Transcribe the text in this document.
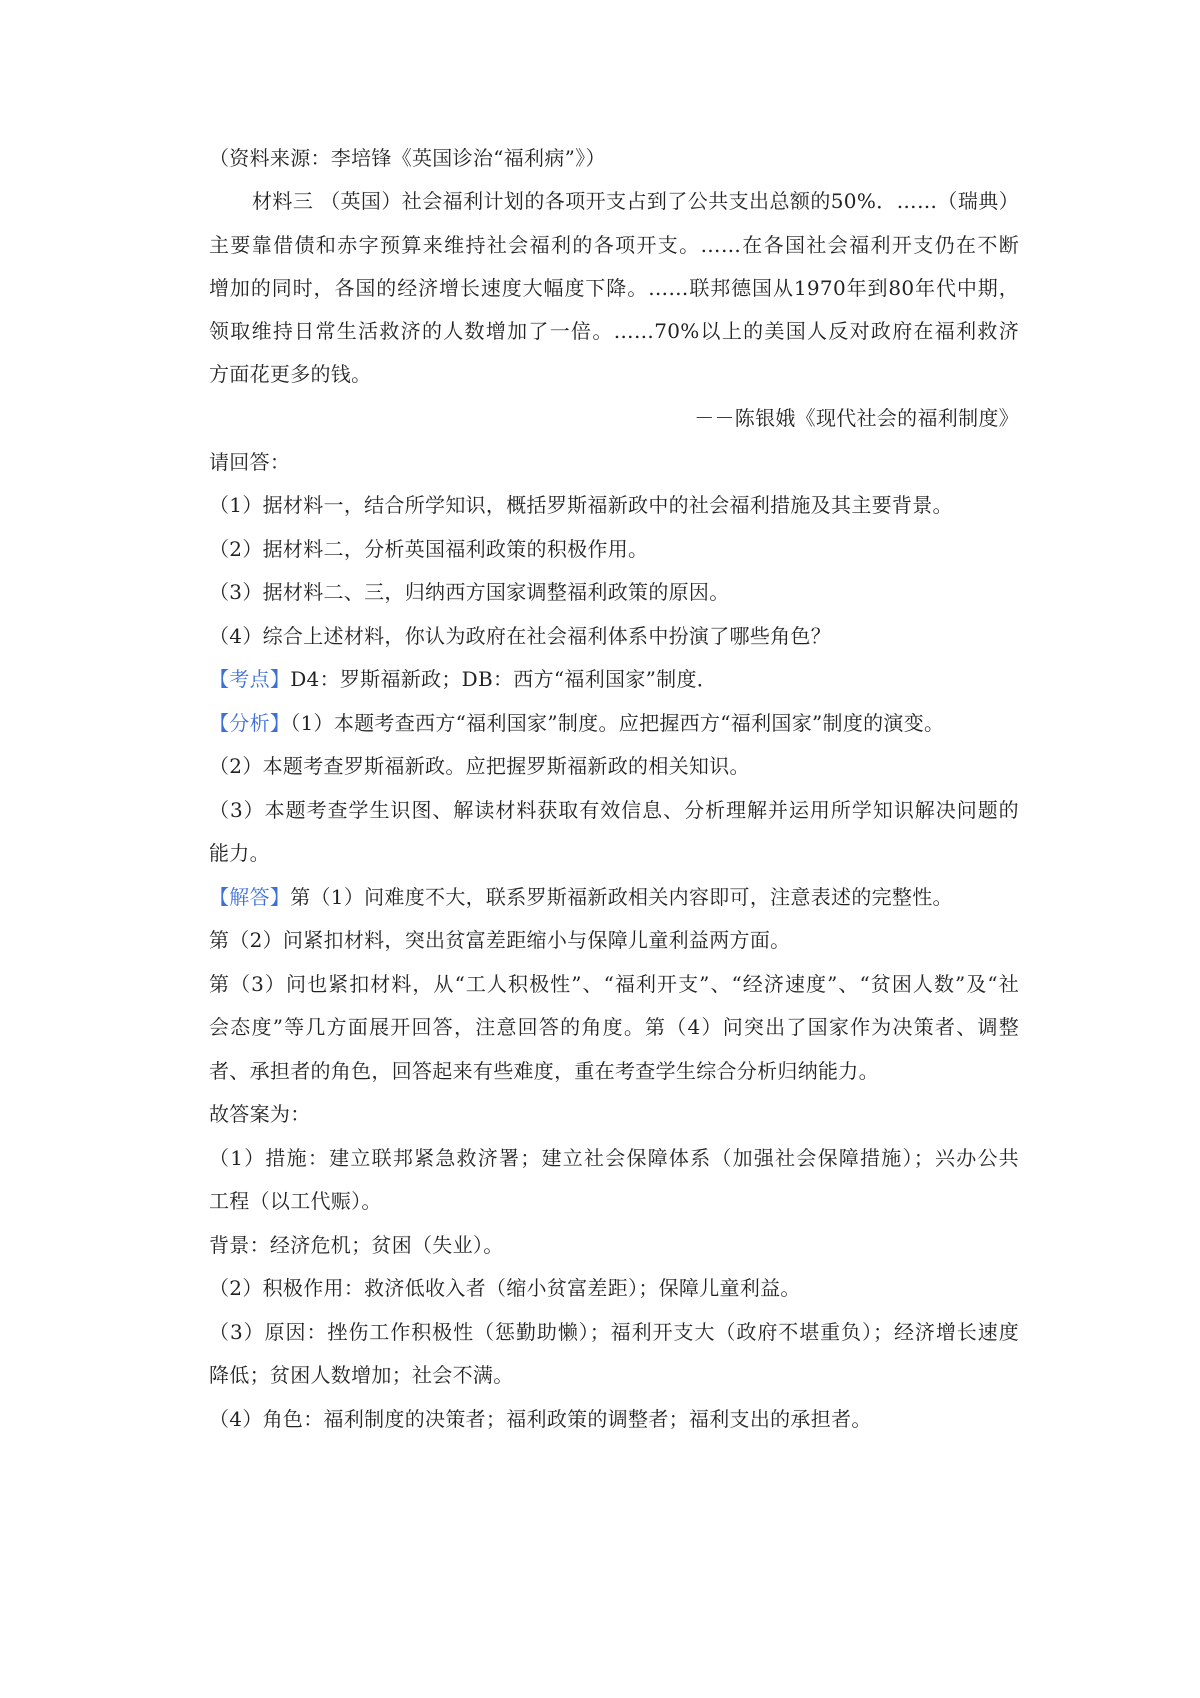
（资料来源：李培锋《英国诊治“福利病”》）
材料三 （英国）社会福利计划的各项开支占到了公共支出总额的50%．……（瑞典）
主要靠借债和赤字预算来维持社会福利的各项开支。……在各国社会福利开支仍在不断
增加的同时，各国的经济增长速度大幅度下降。……联邦德国从1970年到80年代中期，
领取维持日常生活救济的人数增加了一倍。……70%以上的美国人反对政府在福利救济
方面花更多的钱。
－－陈银娥《现代社会的福利制度》
请回答：
（1）据材料一，结合所学知识，概括罗斯福新政中的社会福利措施及其主要背景。
（2）据材料二，分析英国福利政策的积极作用。
（3）据材料二、三，归纳西方国家调整福利政策的原因。
（4）综合上述材料，你认为政府在社会福利体系中扮演了哪些角色？
【考点】D4：罗斯福新政；DB：西方“福利国家”制度．
【分析】（1）本题考查西方“福利国家”制度。应把握西方“福利国家”制度的演变。
（2）本题考查罗斯福新政。应把握罗斯福新政的相关知识。
（3）本题考查学生识图、解读材料获取有效信息、分析理解并运用所学知识解决问题的
能力。
【解答】第（1）问难度不大，联系罗斯福新政相关内容即可，注意表述的完整性。
第（2）问紧扣材料，突出贫富差距缩小与保障儿童利益两方面。
第（3）问也紧扣材料，从“工人积极性”、“福利开支”、“经济速度”、“贫困人数”及“社
会态度”等几方面展开回答，注意回答的角度。第（4）问突出了国家作为决策者、调整
者、承担者的角色，回答起来有些难度，重在考查学生综合分析归纳能力。
故答案为：
（1）措施：建立联邦紧急救济署；建立社会保障体系（加强社会保障措施）；兴办公共
工程（以工代赈）。
背景：经济危机；贫困（失业）。
（2）积极作用：救济低收入者（缩小贫富差距）；保障儿童利益。
（3）原因：挫伤工作积极性（惩勤助懒）；福利开支大（政府不堪重负）；经济增长速度
降低；贫困人数增加；社会不满。
（4）角色：福利制度的决策者；福利政策的调整者；福利支出的承担者。
